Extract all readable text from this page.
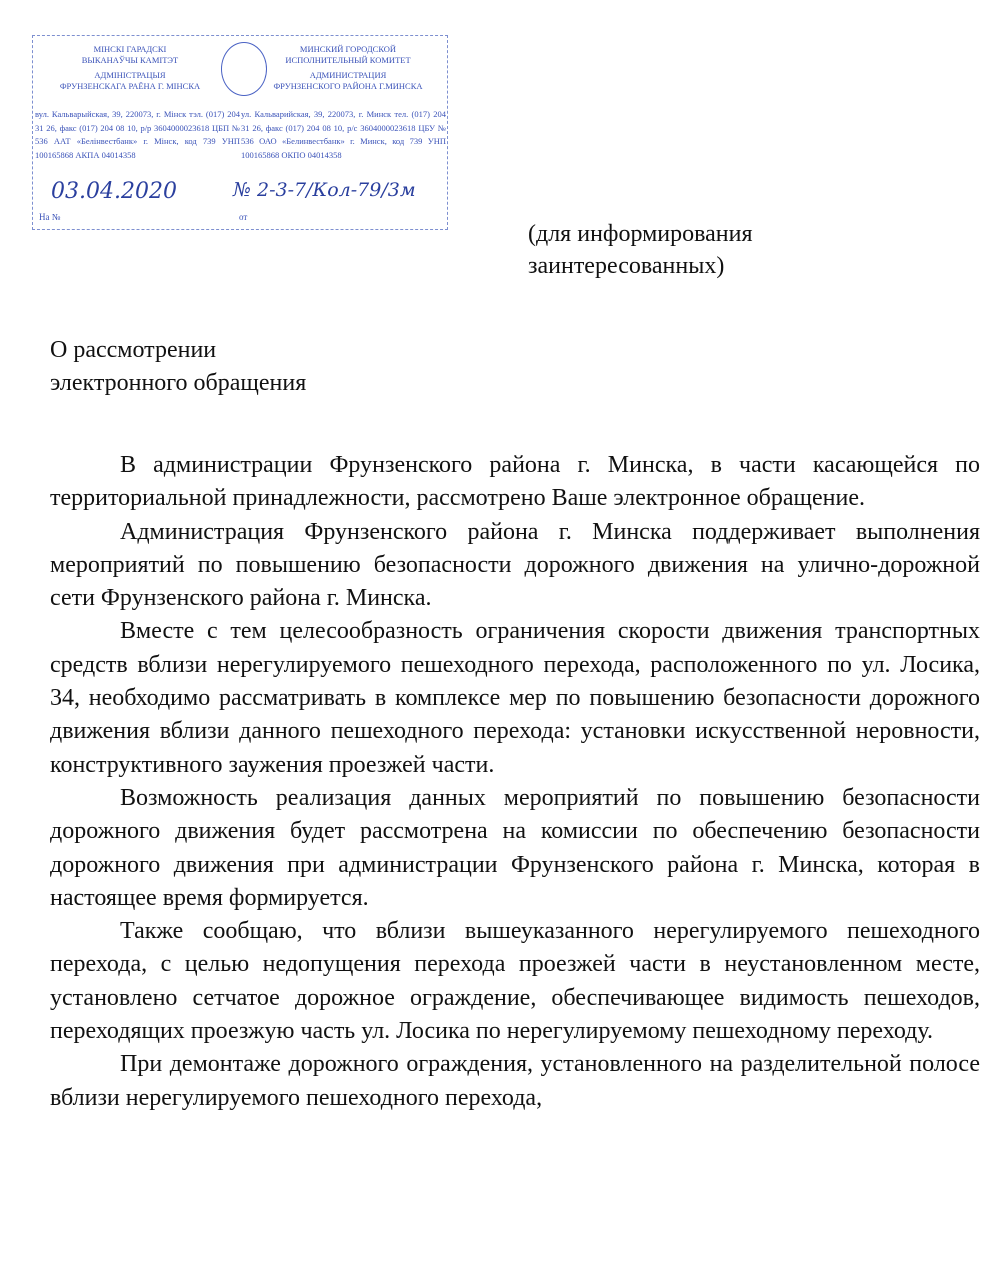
МІНСКІ ГАРАДСКІ
ВЫКАНАЎЧЫ КАМІТЭТ
АДМІНІСТРАЦЫЯ
ФРУНЗЕНСКАГА РАЁНА Г. МІНСКА
МИНСКИЙ ГОРОДСКОЙ
ИСПОЛНИТЕЛЬНЫЙ КОМИТЕТ
АДМИНИСТРАЦИЯ
ФРУНЗЕНСКОГО РАЙОНА Г.МИНСКА
вул. Кальварыйская, 39, 220073, г. Мінск тэл. (017) 204 31 26, факс (017) 204 08 10, р/р 3604000023618 ЦБП № 536 ААТ «Белінвестбанк» г. Мінск, код 739 УНП 100165868 АКПА 04014358
ул. Кальварийская, 39, 220073, г. Минск тел. (017) 204 31 26, факс (017) 204 08 10, р/с 3604000023618 ЦБУ № 536 ОАО «Белинвестбанк» г. Минск, код 739 УНП 100165868 ОКПО 04014358
03.04.2020	№ 2-3-7/Кол-79/3м
На №	от
(для информирования
заинтересованных)
О рассмотрении
электронного обращения

В администрации Фрунзенского района г. Минска, в части касающейся по территориальной принадлежности, рассмотрено Ваше электронное обращение.

Администрация Фрунзенского района г. Минска поддерживает выполнения мероприятий по повышению безопасности дорожного движения на улично-дорожной сети Фрунзенского района г. Минска.

Вместе с тем целесообразность ограничения скорости движения транспортных средств вблизи нерегулируемого пешеходного перехода, расположенного по ул. Лосика, 34, необходимо рассматривать в комплексе мер по повышению безопасности дорожного движения вблизи данного пешеходного перехода: установки искусственной неровности, конструктивного заужения проезжей части.

Возможность реализация данных мероприятий по повышению безопасности дорожного движения будет рассмотрена на комиссии по обеспечению безопасности дорожного движения при администрации Фрунзенского района г. Минска, которая в настоящее время формируется.

Также сообщаю, что вблизи вышеуказанного нерегулируемого пешеходного перехода, с целью недопущения перехода проезжей части в неустановленном месте, установлено сетчатое дорожное ограждение, обеспечивающее видимость пешеходов, переходящих проезжую часть ул. Лосика по нерегулируемому пешеходному переходу.

При демонтаже дорожного ограждения, установленного на разделительной полосе вблизи нерегулируемого пешеходного перехода,
